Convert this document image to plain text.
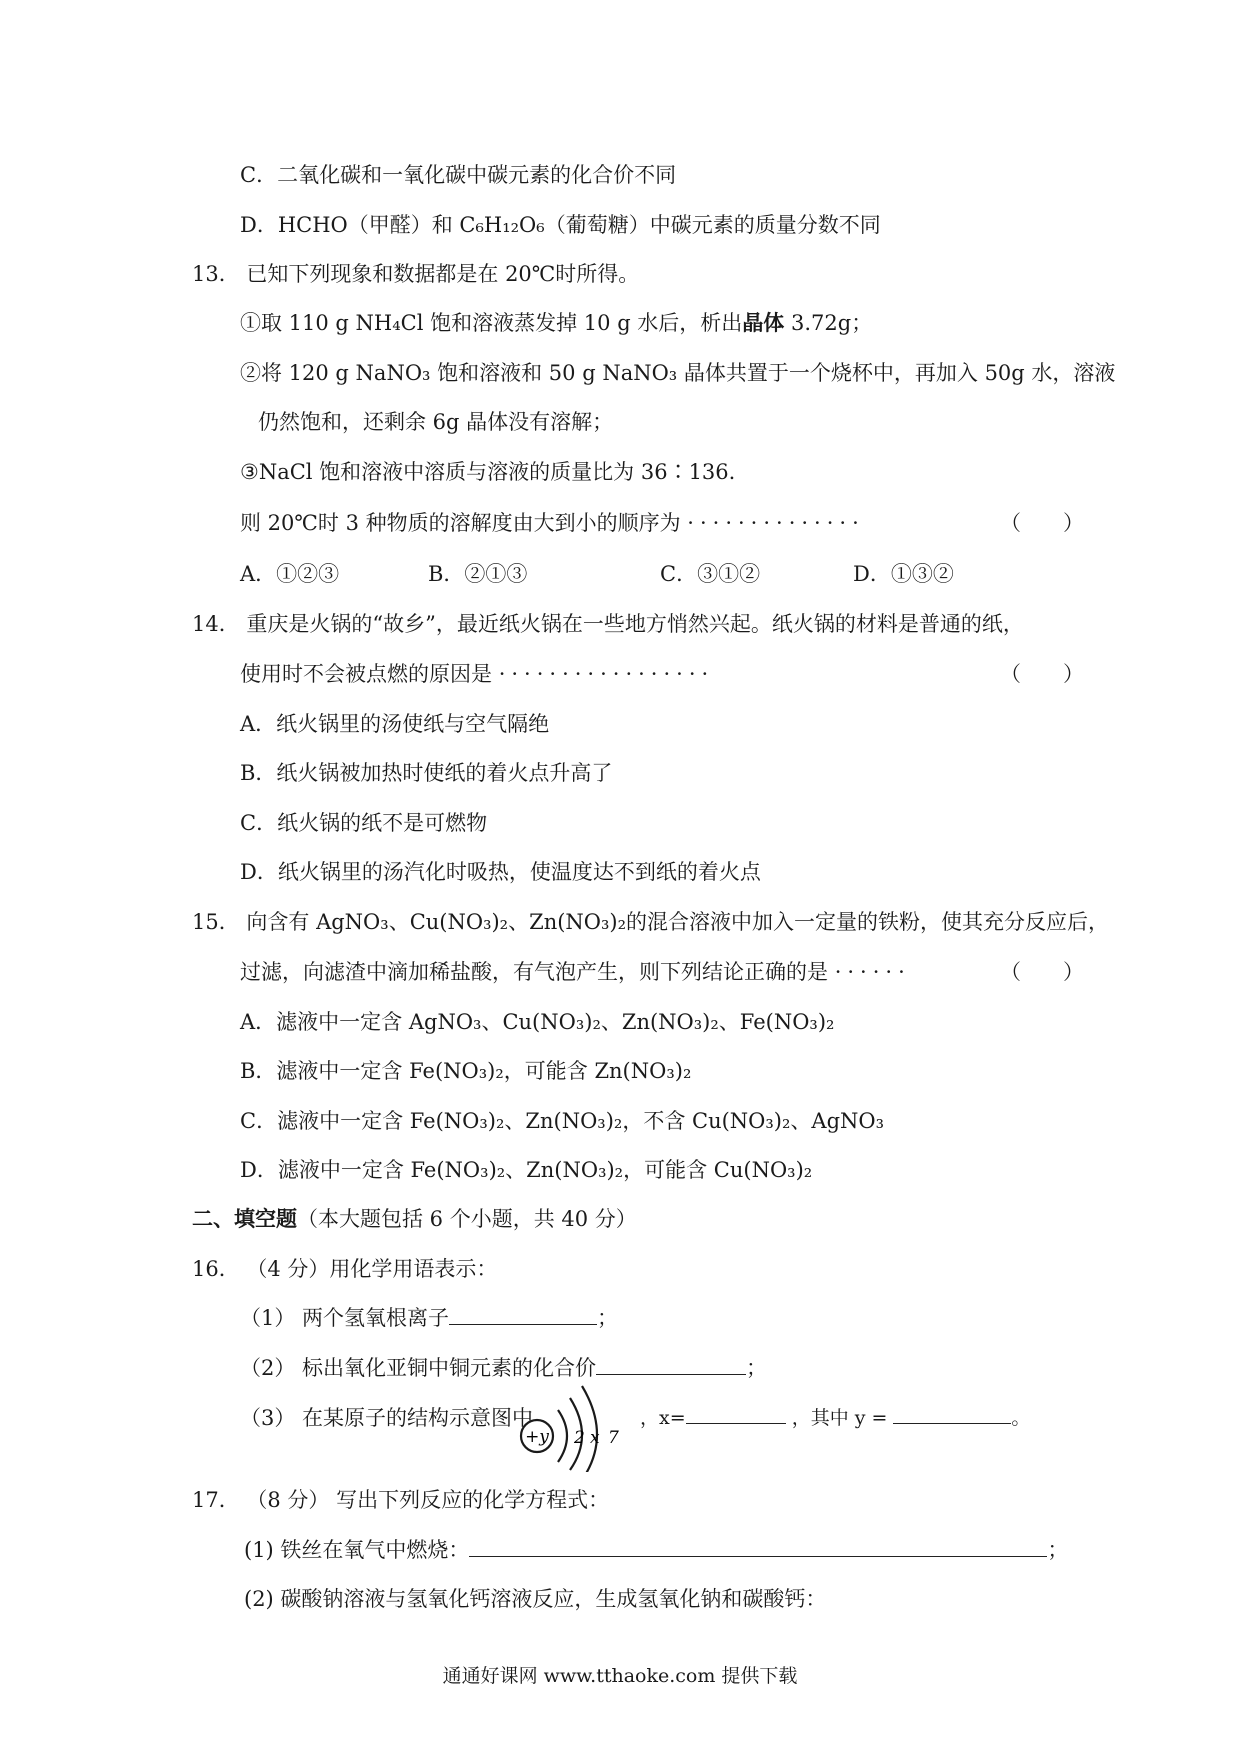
C．二氧化碳和一氧化碳中碳元素的化合价不同
D．HCHO（甲醛）和 C₆H₁₂O₆（葡萄糖）中碳元素的质量分数不同
13． 已知下列现象和数据都是在 20℃时所得。
①取 110 g NH₄Cl 饱和溶液蒸发掉 10 g 水后，析出晶体 3.72g；
②将 120 g NaNO₃ 饱和溶液和 50 g NaNO₃ 晶体共置于一个烧杯中，再加入 50g 水，溶液
仍然饱和，还剩余 6g 晶体没有溶解；
③NaCl 饱和溶液中溶质与溶液的质量比为 36∶136.
则 20℃时 3 种物质的溶解度由大到小的顺序为 ··············	（　　）
A．①②③	B．②①③	C．③①②	D．①③②
14． 重庆是火锅的“故乡”，最近纸火锅在一些地方悄然兴起。纸火锅的材料是普通的纸，
使用时不会被点燃的原因是 ·················	（　　）
A．纸火锅里的汤使纸与空气隔绝
B．纸火锅被加热时使纸的着火点升高了
C．纸火锅的纸不是可燃物
D．纸火锅里的汤汽化时吸热，使温度达不到纸的着火点
15． 向含有 AgNO₃、Cu(NO₃)₂、Zn(NO₃)₂的混合溶液中加入一定量的铁粉，使其充分反应后，
过滤，向滤渣中滴加稀盐酸，有气泡产生，则下列结论正确的是 ······	（　　）
A．滤液中一定含 AgNO₃、Cu(NO₃)₂、Zn(NO₃)₂、Fe(NO₃)₂
B．滤液中一定含 Fe(NO₃)₂，可能含 Zn(NO₃)₂
C．滤液中一定含 Fe(NO₃)₂、Zn(NO₃)₂，不含 Cu(NO₃)₂、AgNO₃
D．滤液中一定含 Fe(NO₃)₂、Zn(NO₃)₂，可能含 Cu(NO₃)₂
二、填空题（本大题包括 6 个小题，共 40 分）
16． （4 分）用化学用语表示：
（1） 两个氢氧根离子	；
（2） 标出氧化亚铜中铜元素的化合价	；
（3） 在某原子的结构示意图中
+y 2 x 7
，x=	，其中 y =	。
17． （8 分） 写出下列反应的化学方程式：
(1) 铁丝在氧气中燃烧：	；
(2) 碳酸钠溶液与氢氧化钙溶液反应，生成氢氧化钠和碳酸钙：
通通好课网 www.tthaoke.com 提供下载
